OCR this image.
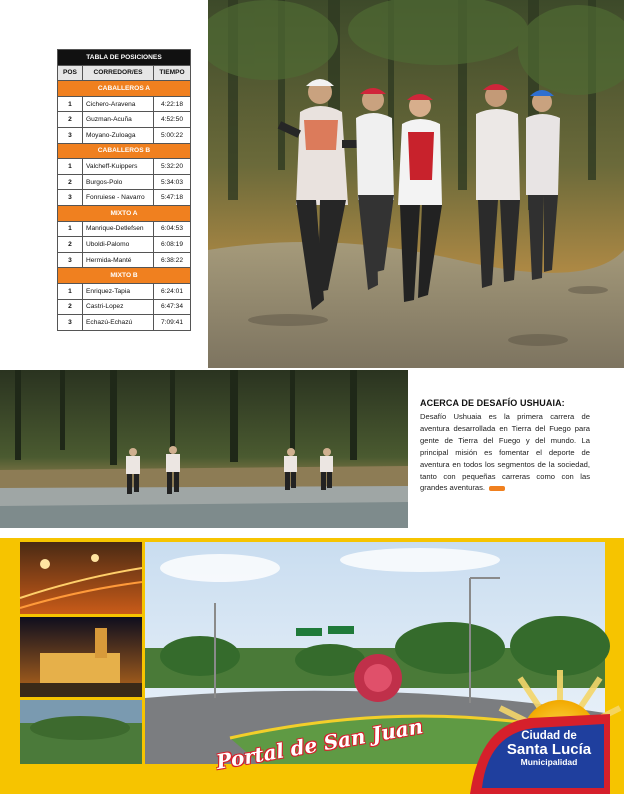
TABLA DE POSICIONES		
POS	CORREDOR/ES	TIEMPO
CABALLEROS A		
1	Cichero-Aravena	4:22:18
2	Guzman-Acuña	4:52:50
3	Moyano-Zuloaga	5:00:22
CABALLEROS B		
1	Valcheff-Kuippers	5:32:20
2	Burgos-Polo	5:34:03
3	Fonruiese - Navarro	5:47:18
MIXTO A		
1	Manrique-Detlefsen	6:04:53
2	Uboldi-Palomo	6:08:19
3	Hermida-Manté	6:38:22
MIXTO B		
1	Enriquez-Tapia	6:24:01
2	Castri-Lopez	6:47:34
3	Echazú-Echazú	7:09:41
ACERCA DE DESAFÍO USHUAIA:

Desafío Ushuaia es la primera carrera de aventura desarrollada en Tierra del Fuego para gente de Tierra del Fuego y del mundo. La principal misión es fomentar el deporte de aventura en todos los segmentos de la sociedad, tanto con pequeñas carreras como con las grandes aventuras.

Portal de San Juan	Ciudad de
Santa Lucía
Municipalidad
